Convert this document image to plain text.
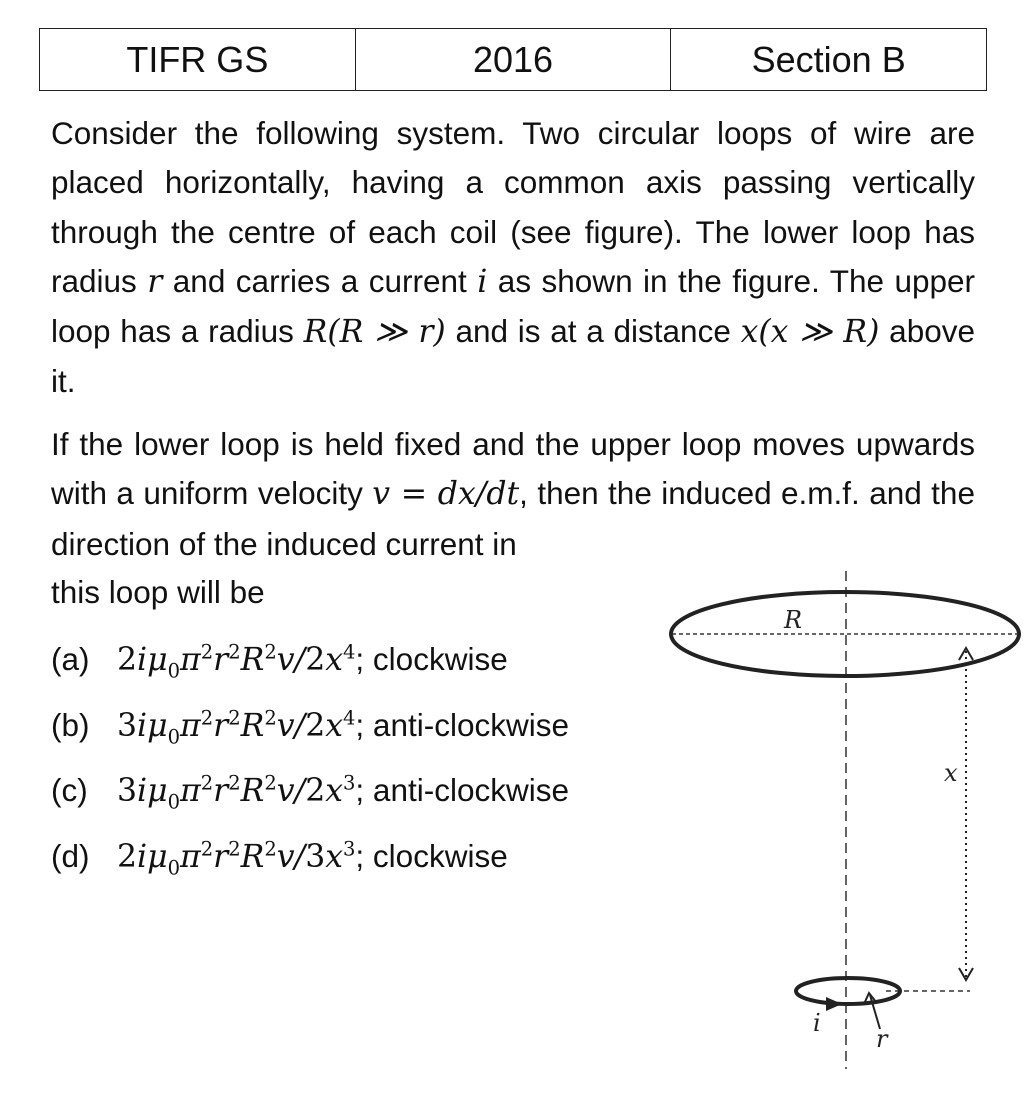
TIFR GS	2016	Section B

Consider the following system. Two circular loops of wire are placed horizontally, having a common axis passing vertically through the centre of each coil (see figure). The lower loop has radius r and carries a current i as shown in the figure. The upper loop has a radius R(R ≫ r) and is at a distance x(x ≫ R) above it.

If the lower loop is held fixed and the upper loop moves upwards with a uniform velocity v = dx/dt, then the induced e.m.f. and the direction of the induced current in

this loop will be

(a) $2i\mu_0\pi^2r^2R^2v/2x^4$; clockwise
(b) $3i\mu_0\pi^2r^2R^2v/2x^4$; anti-clockwise
(c) $3i\mu_0\pi^2r^2R^2v/2x^3$; anti-clockwise
(d) $2i\mu_0\pi^2r^2R^2v/3x^3$; clockwise
R
x
i
r
